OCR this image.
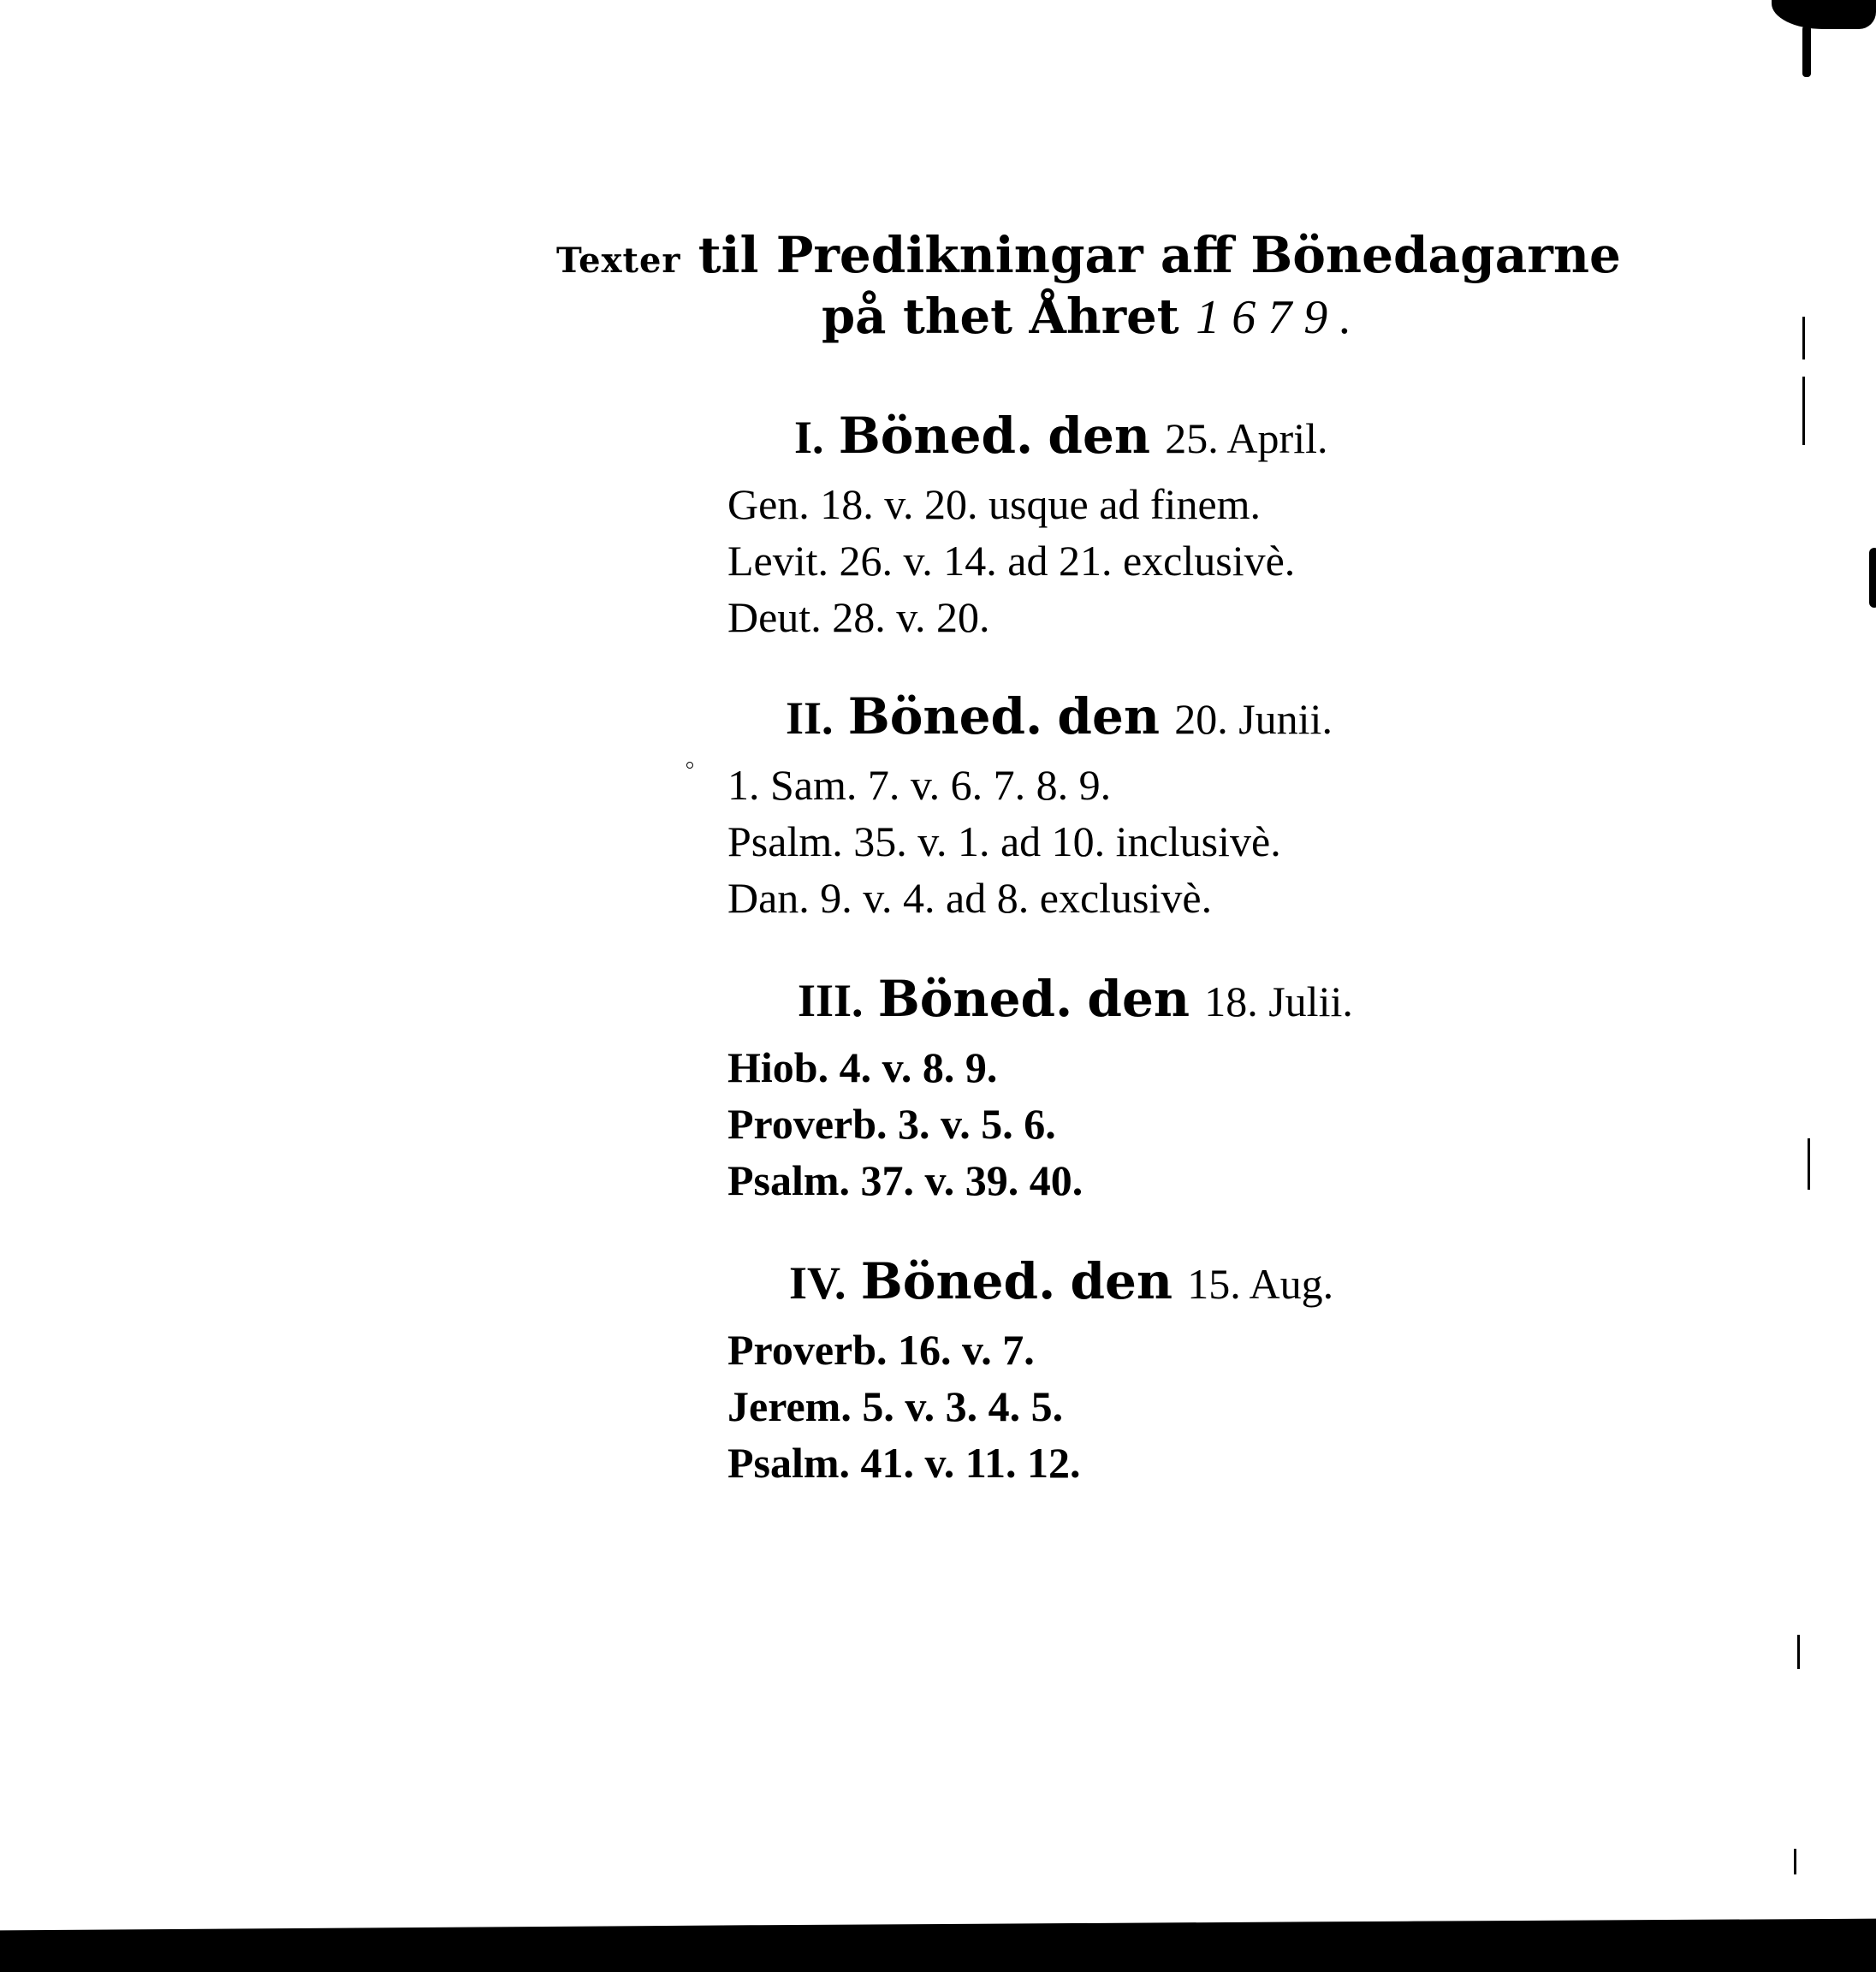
Texter til Predikningar aff Bönedagarne
på thet Åhret 1679.
I. Böned. den 25. April.
Gen. 18. v. 20. usque ad finem.
Levit. 26. v. 14. ad 21. exclusivè.
Deut. 28. v. 20.
II. Böned. den 20. Junii.
1. Sam. 7. v. 6. 7. 8. 9.
Psalm. 35. v. 1. ad 10. inclusivè.
Dan. 9. v. 4. ad 8. exclusivè.
III. Böned. den 18. Julii.
Hiob. 4. v. 8. 9.
Proverb. 3. v. 5. 6.
Psalm. 37. v. 39. 40.
IV. Böned. den 15. Aug.
Proverb. 16. v. 7.
Jerem. 5. v. 3. 4. 5.
Psalm. 41. v. 11. 12.
